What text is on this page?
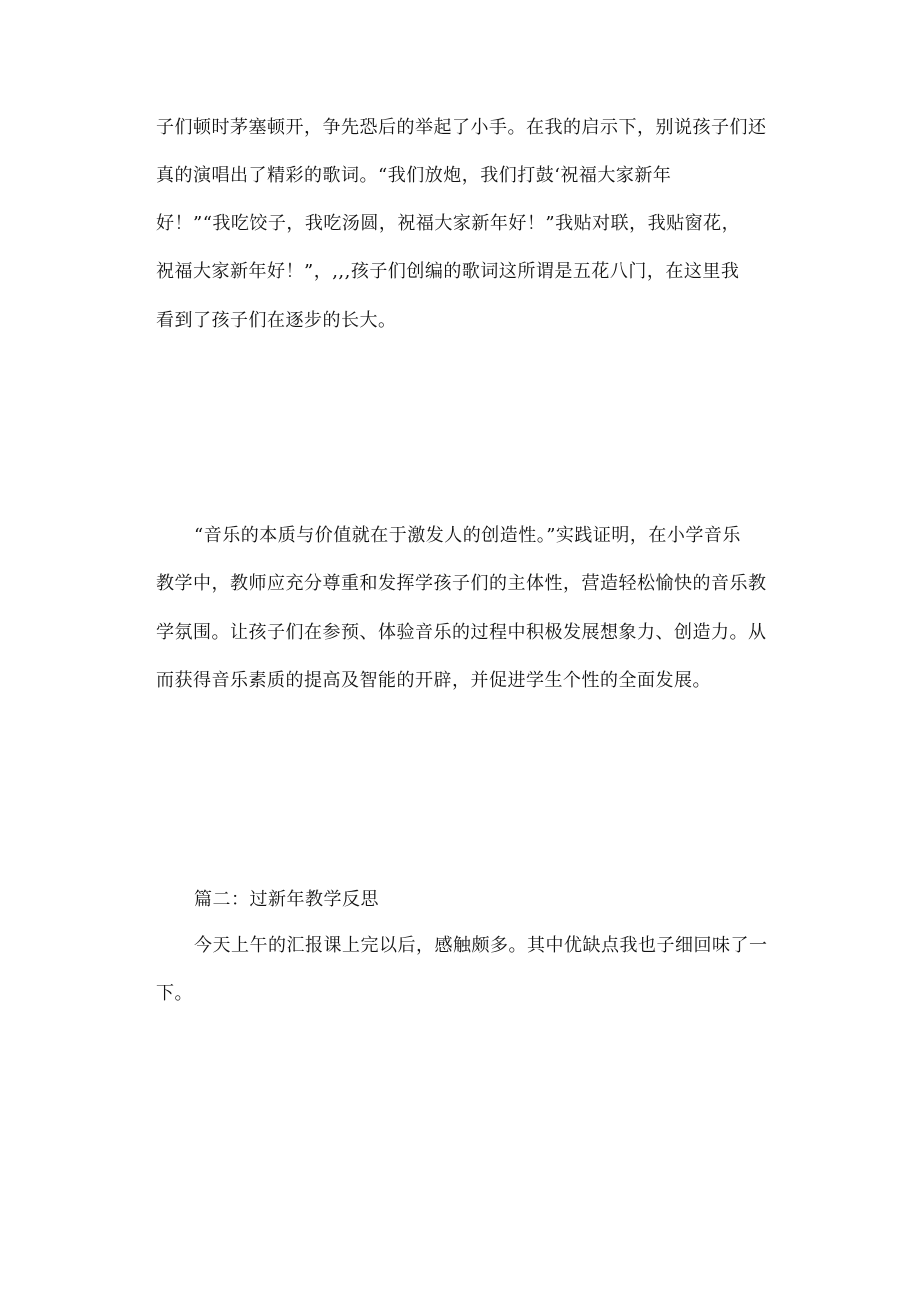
子们顿时茅塞顿开，争先恐后的举起了小手。在我的启示下，别说孩子们还
真的演唱出了精彩的歌词。“我们放炮，我们打鼓‘祝福大家新年
好！”“我吃饺子，我吃汤圆，祝福大家新年好！”我贴对联，我贴窗花，
祝福大家新年好！”，,,,孩子们创编的歌词这所谓是五花八门，在这里我
看到了孩子们在逐步的长大。
“音乐的本质与价值就在于激发人的创造性。”实践证明，在小学音乐
教学中，教师应充分尊重和发挥学孩子们的主体性，营造轻松愉快的音乐教
学氛围。让孩子们在参预、体验音乐的过程中积极发展想象力、创造力。从
而获得音乐素质的提高及智能的开辟，并促进学生个性的全面发展。
篇二：过新年教学反思
今天上午的汇报课上完以后，感触颇多。其中优缺点我也子细回味了一
下。
